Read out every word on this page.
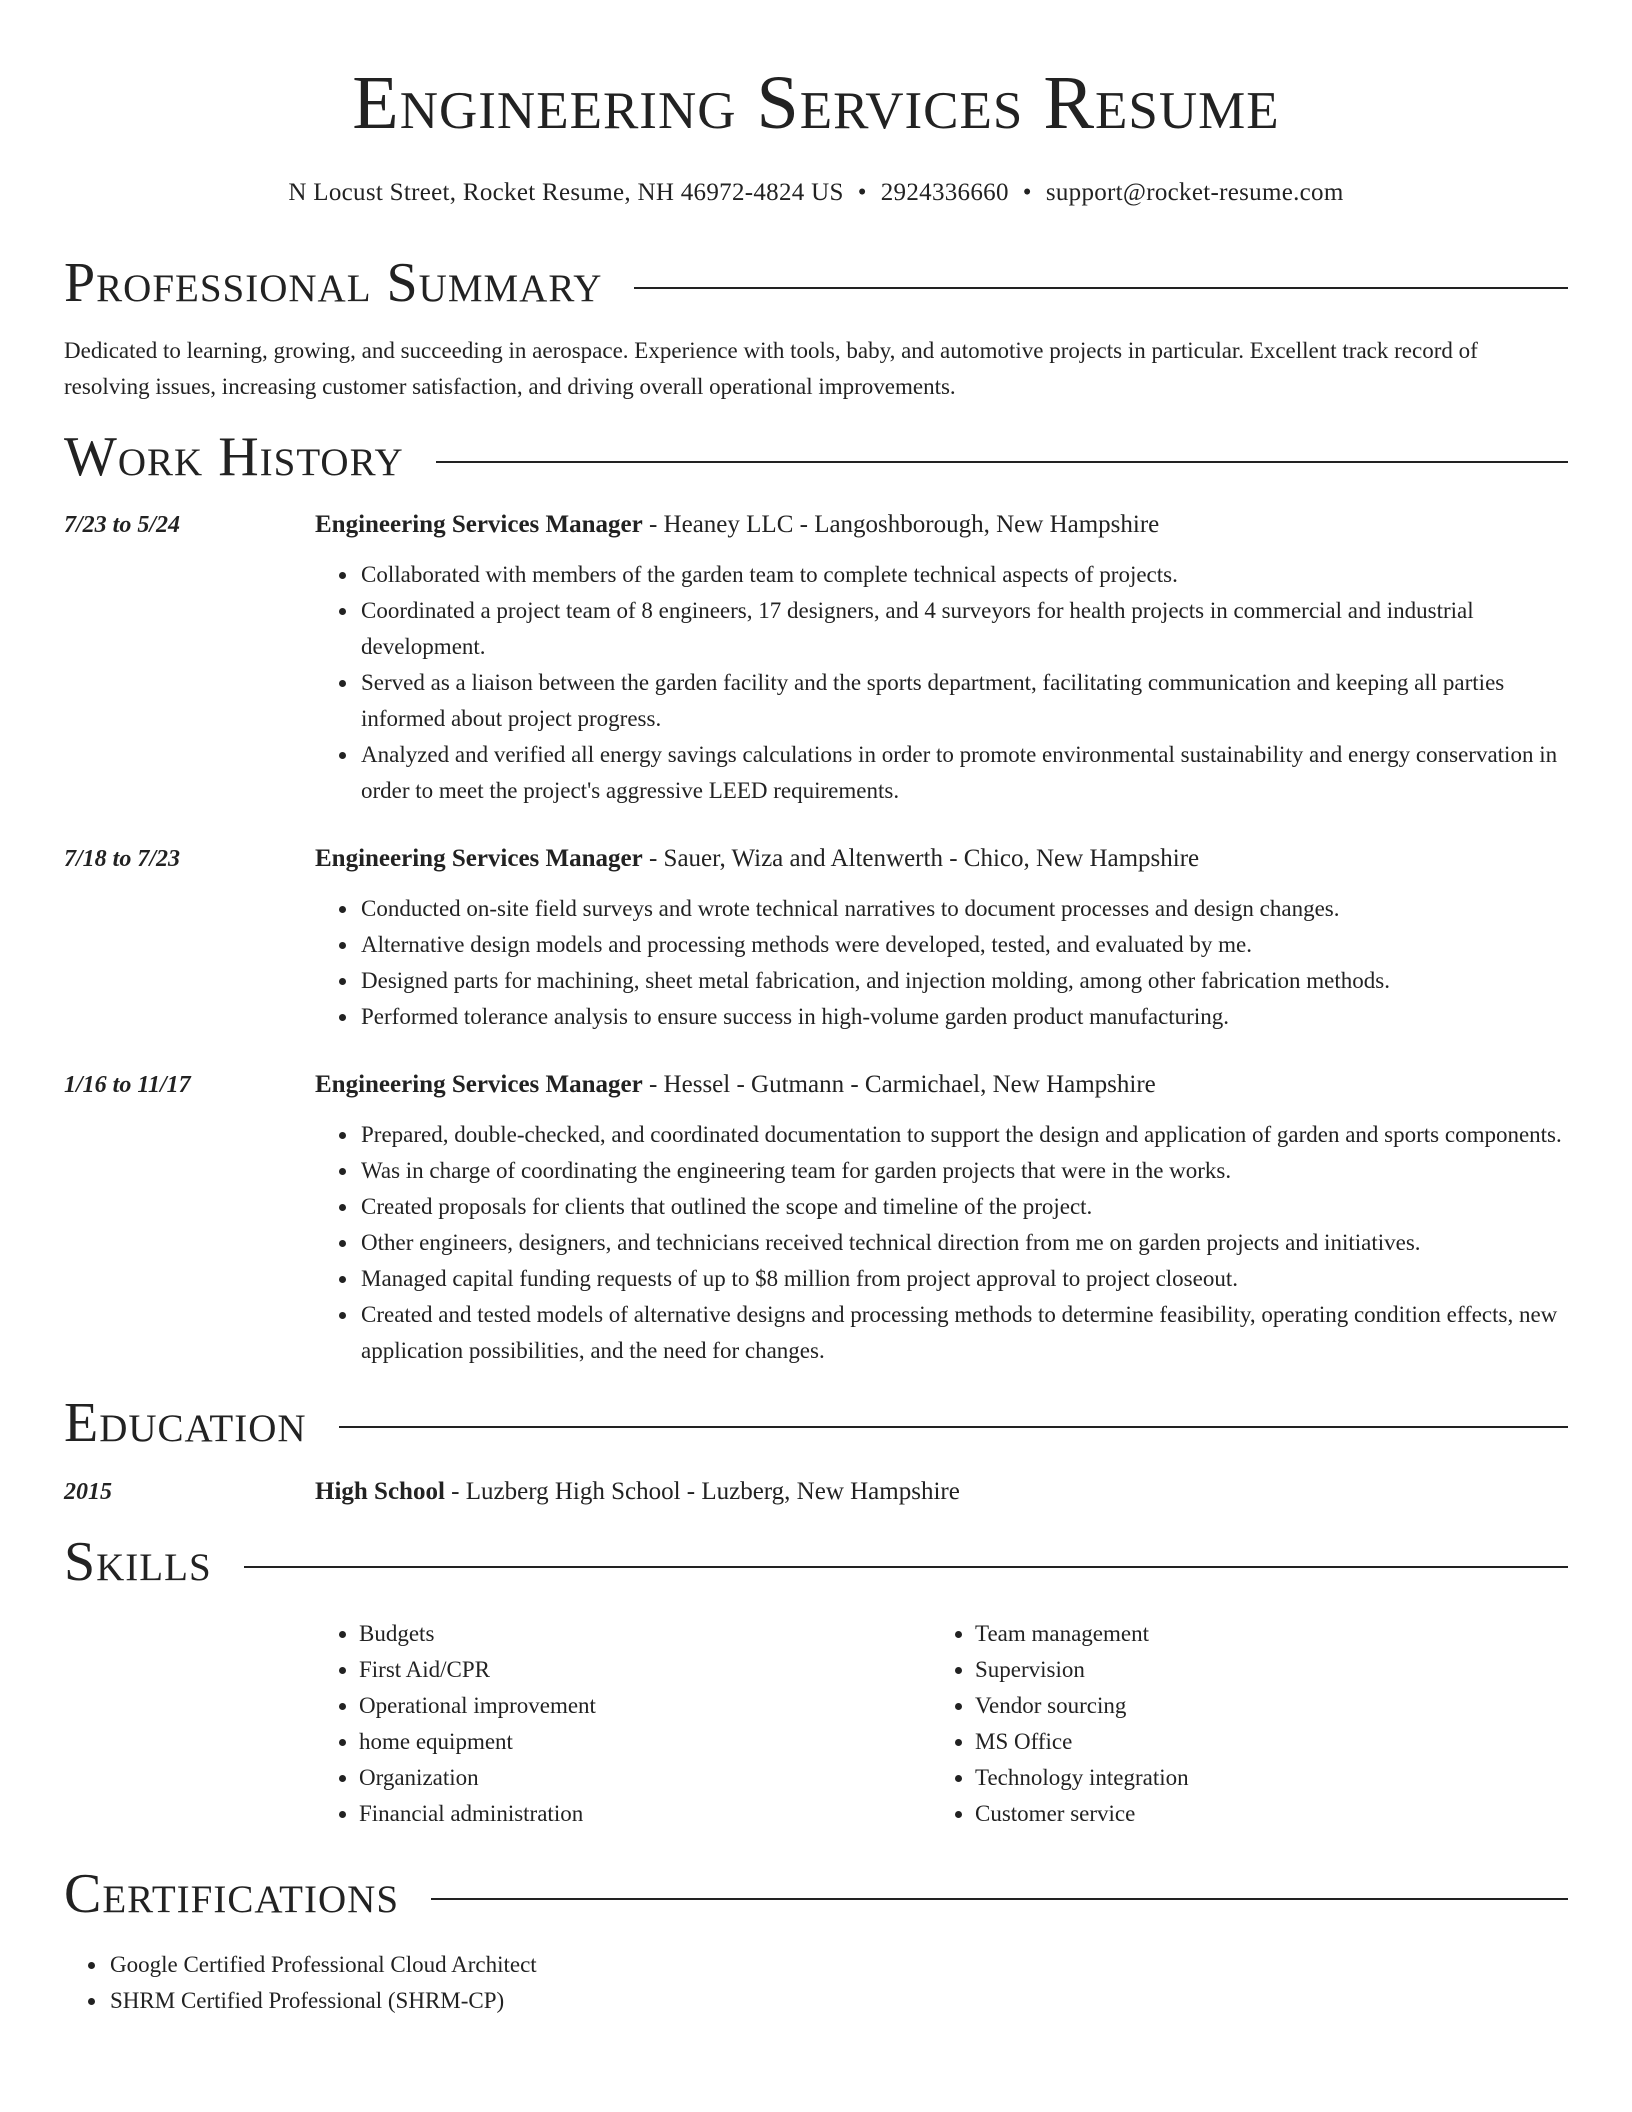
Engineering Services Resume
N Locust Street, Rocket Resume, NH 46972-4824 US • 2924336660 • support@rocket-resume.com
Professional Summary

Dedicated to learning, growing, and succeeding in aerospace. Experience with tools, baby, and automotive projects in particular. Excellent track record of resolving issues, increasing customer satisfaction, and driving overall operational improvements.

Work History
7/23 to 5/24	Engineering Services Manager - Heaney LLC - Langoshborough, New Hampshire
• Collaborated with members of the garden team to complete technical aspects of projects.
• Coordinated a project team of 8 engineers, 17 designers, and 4 surveyors for health projects in commercial and industrial development.
• Served as a liaison between the garden facility and the sports department, facilitating communication and keeping all parties informed about project progress.
• Analyzed and verified all energy savings calculations in order to promote environmental sustainability and energy conservation in order to meet the project's aggressive LEED requirements.
7/18 to 7/23	Engineering Services Manager - Sauer, Wiza and Altenwerth - Chico, New Hampshire
• Conducted on-site field surveys and wrote technical narratives to document processes and design changes.
• Alternative design models and processing methods were developed, tested, and evaluated by me.
• Designed parts for machining, sheet metal fabrication, and injection molding, among other fabrication methods.
• Performed tolerance analysis to ensure success in high-volume garden product manufacturing.
1/16 to 11/17	Engineering Services Manager - Hessel - Gutmann - Carmichael, New Hampshire
• Prepared, double-checked, and coordinated documentation to support the design and application of garden and sports components.
• Was in charge of coordinating the engineering team for garden projects that were in the works.
• Created proposals for clients that outlined the scope and timeline of the project.
• Other engineers, designers, and technicians received technical direction from me on garden projects and initiatives.
• Managed capital funding requests of up to $8 million from project approval to project closeout.
• Created and tested models of alternative designs and processing methods to determine feasibility, operating condition effects, new application possibilities, and the need for changes.
Education
2015	High School - Luzberg High School - Luzberg, New Hampshire
Skills
• Budgets
• First Aid/CPR
• Operational improvement
• home equipment
• Organization
• Financial administration
• Team management
• Supervision
• Vendor sourcing
• MS Office
• Technology integration
• Customer service
Certifications
• Google Certified Professional Cloud Architect
• SHRM Certified Professional (SHRM-CP)
